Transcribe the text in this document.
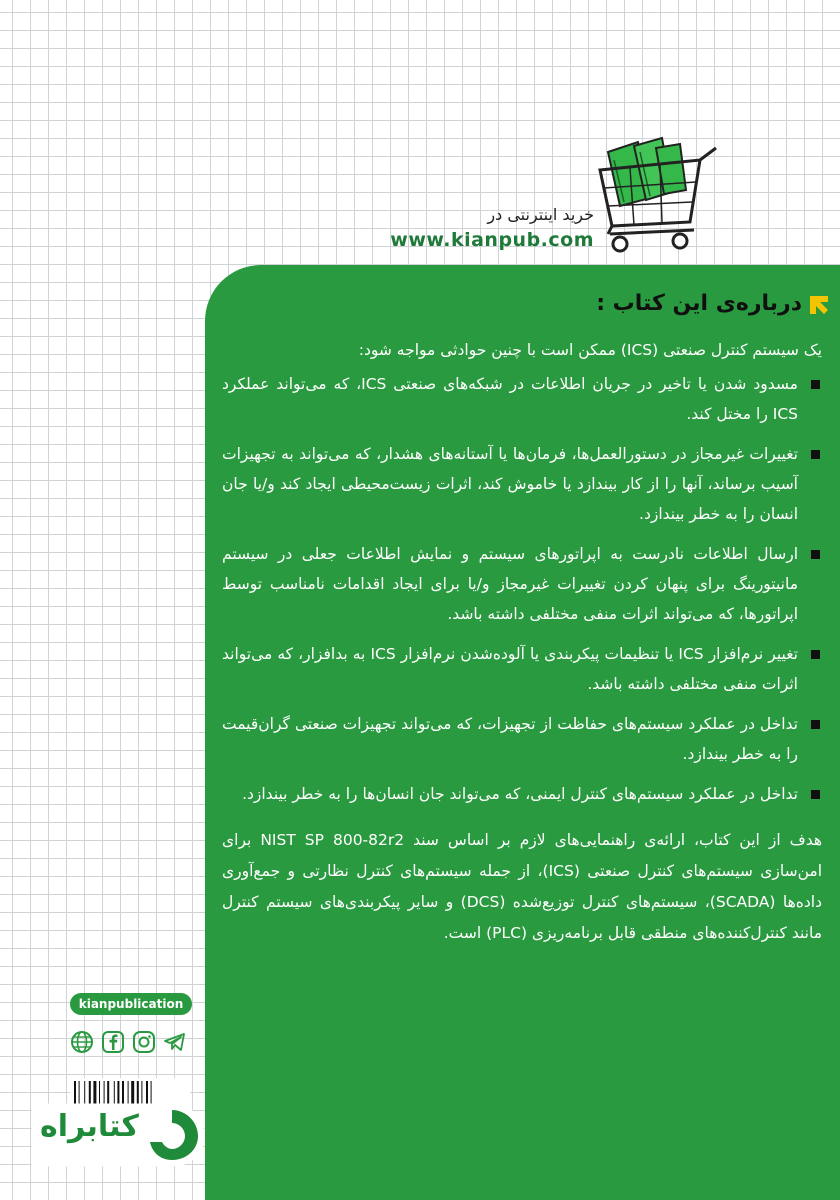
خرید اینترنتی در
www.kianpub.com
درباره‌ی این کتاب :
یک سیستم کنترل صنعتی (ICS) ممکن است با چنین حوادثی مواجه شود:
مسدود شدن یا تاخیر در جریان اطلاعات در شبکه‌های صنعتی ICS، که می‌تواند عملکرد ICS را مختل کند.
تغییرات غیرمجاز در دستورالعمل‌ها، فرمان‌ها یا آستانه‌های هشدار، که می‌تواند به تجهیزات آسیب برساند، آنها را از کار بیندازد یا خاموش کند، اثرات زیست‌محیطی ایجاد کند و/یا جان انسان را به خطر بیندازد.
ارسال اطلاعات نادرست به اپراتورهای سیستم و نمایش اطلاعات جعلی در سیستم مانیتورینگ برای پنهان کردن تغییرات غیرمجاز و/یا برای ایجاد اقدامات نامناسب توسط اپراتورها، که می‌تواند اثرات منفی مختلفی داشته باشد.
تغییر نرم‌افزار ICS یا تنظیمات پیکربندی یا آلوده‌شدن نرم‌افزار ICS به بدافزار، که می‌تواند اثرات منفی مختلفی داشته باشد.
تداخل در عملکرد سیستم‌های حفاظت از تجهیزات، که می‌تواند تجهیزات صنعتی گران‌قیمت را به خطر بیندازد.
تداخل در عملکرد سیستم‌های کنترل ایمنی، که می‌تواند جان انسان‌ها را به خطر بیندازد.
هدف از این کتاب، ارائه‌ی راهنمایی‌های لازم بر اساس سند NIST SP 800-82r2 برای امن‌سازی سیستم‌های کنترل صنعتی (ICS)، از جمله سیستم‌های کنترل نظارتی و جمع‌آوری داده‌ها (SCADA)، سیستم‌های کنترل توزیع‌شده (DCS) و سایر پیکربندی‌های سیستم کنترل مانند کنترل‌کننده‌های منطقی قابل برنامه‌ریزی (PLC) است.
kianpublication
کتابراه
